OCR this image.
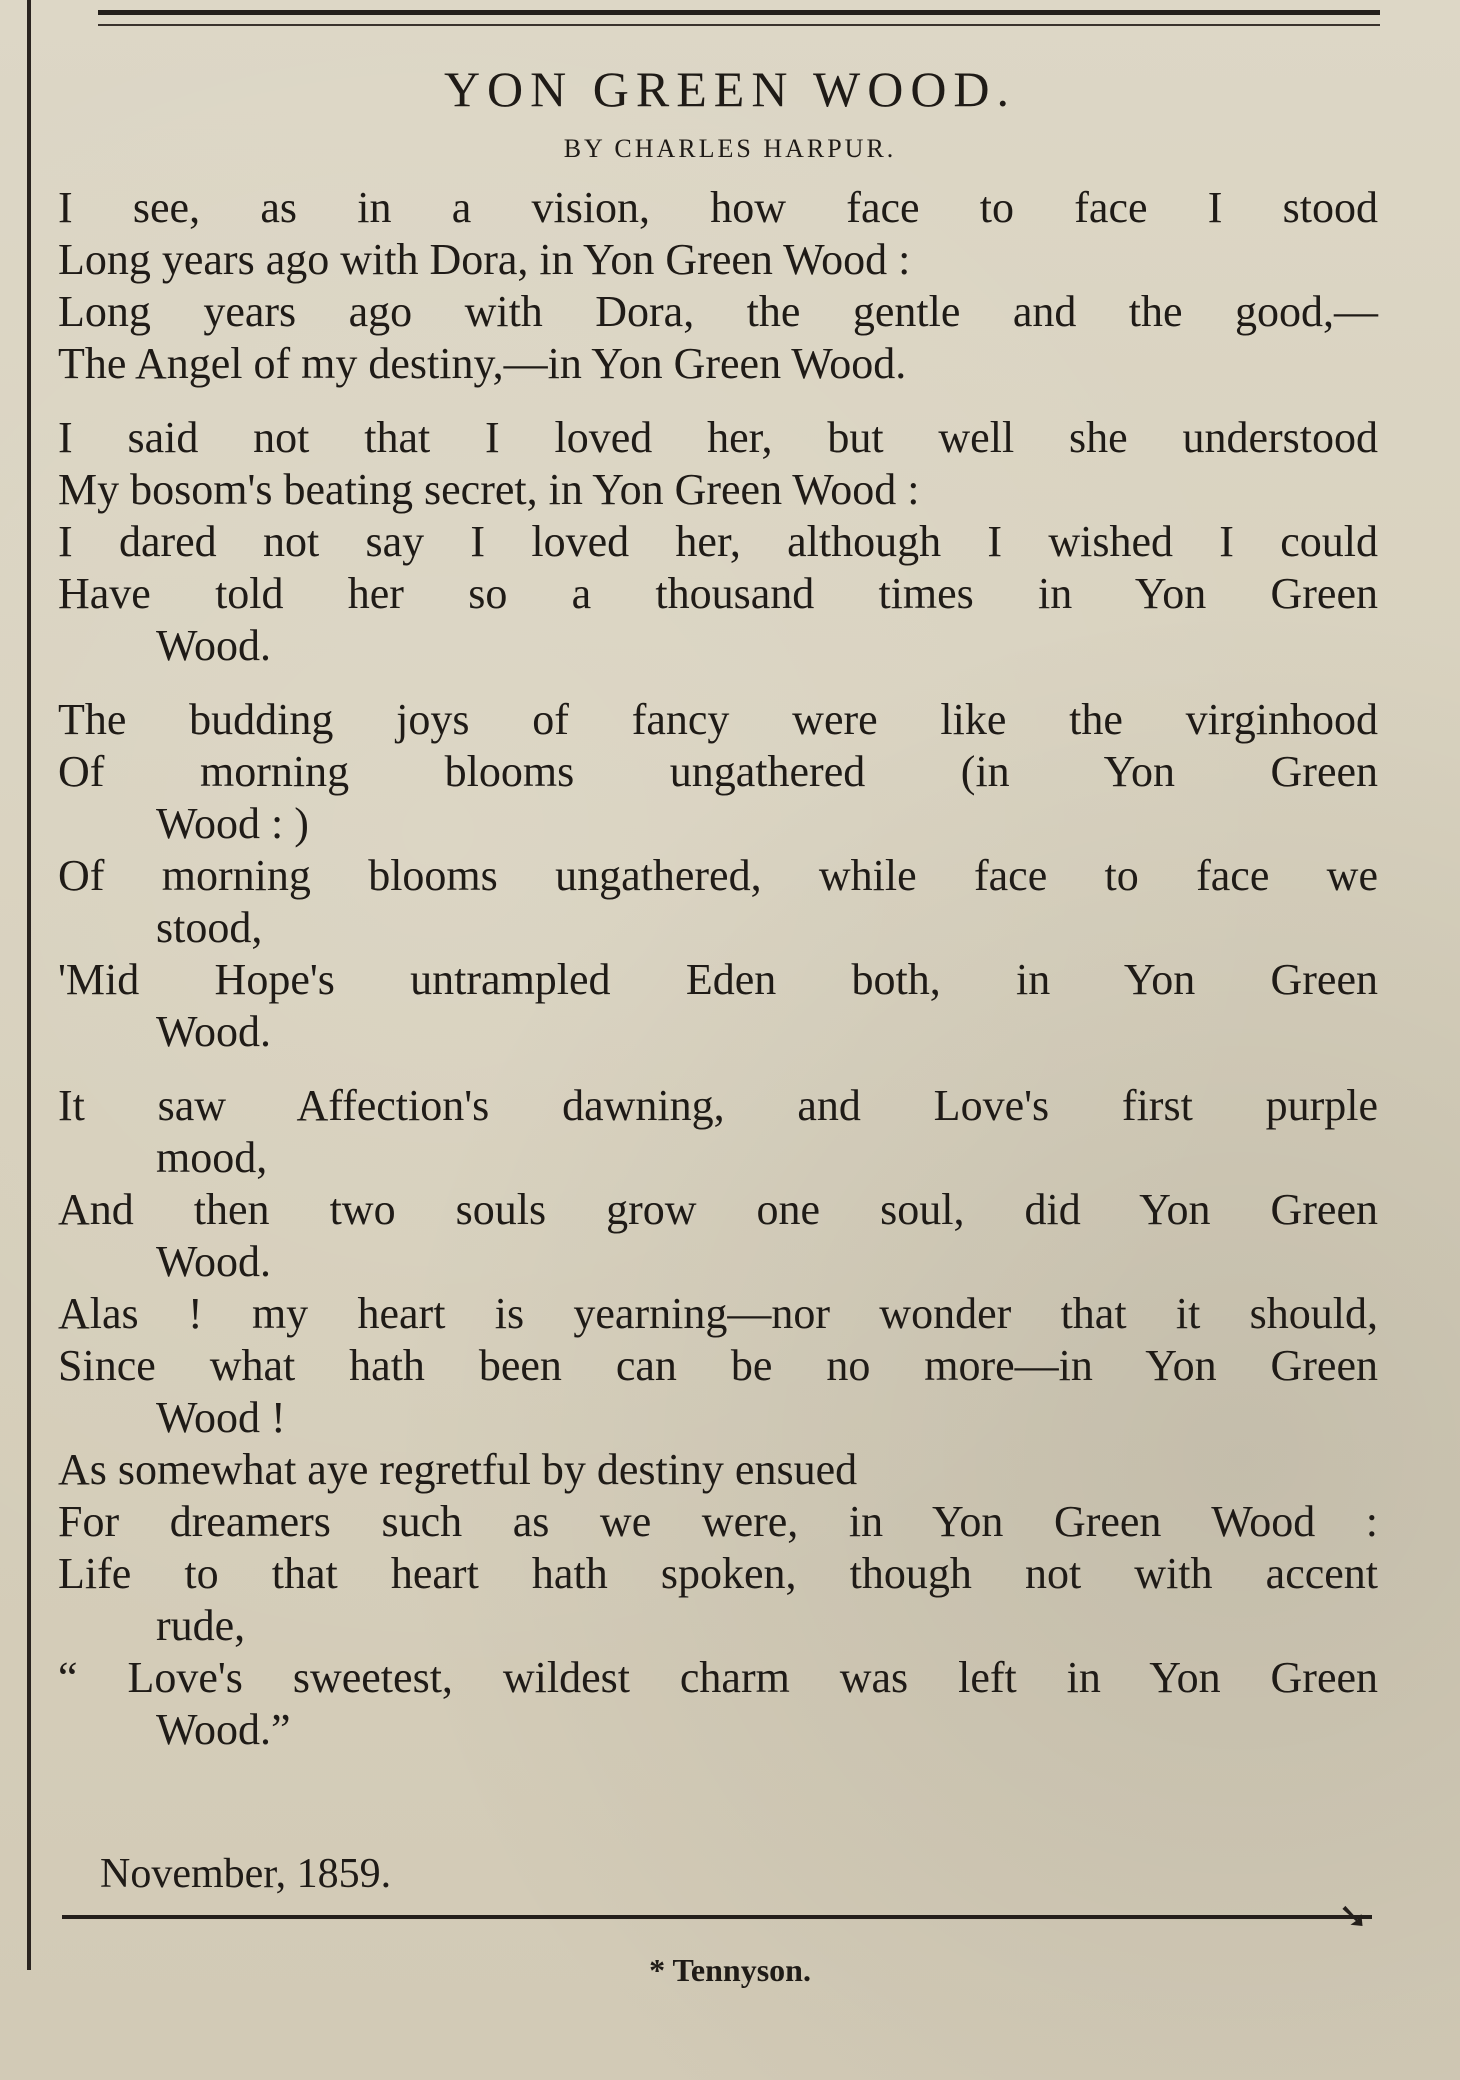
YON GREEN WOOD.
BY CHARLES HARPUR.
I see, as in a vision, how face to face I stood
Long years ago with Dora, in Yon Green Wood :
Long years ago with Dora, the gentle and the good,—
The Angel of my destiny,—in Yon Green Wood.
I said not that I loved her, but well she understood
My bosom's beating secret, in Yon Green Wood :
I dared not say I loved her, although I wished I could
Have told her so a thousand times in Yon Green
Wood.
The budding joys of fancy were like the virginhood
Of morning blooms ungathered (in Yon Green
Wood : )
Of morning blooms ungathered, while face to face we
stood,
'Mid Hope's untrampled Eden both, in Yon Green
Wood.
It saw Affection's dawning, and Love's first purple
mood,
And then two souls grow one soul, did Yon Green
Wood.
Alas ! my heart is yearning—nor wonder that it should,
Since what hath been can be no more—in Yon Green
Wood !
As somewhat aye regretful by destiny ensued
For dreamers such as we were, in Yon Green Wood :
Life to that heart hath spoken, though not with accent
rude,
“ Love's sweetest, wildest charm was left in Yon Green
Wood.”
November, 1859.
➘
* Tennyson.
